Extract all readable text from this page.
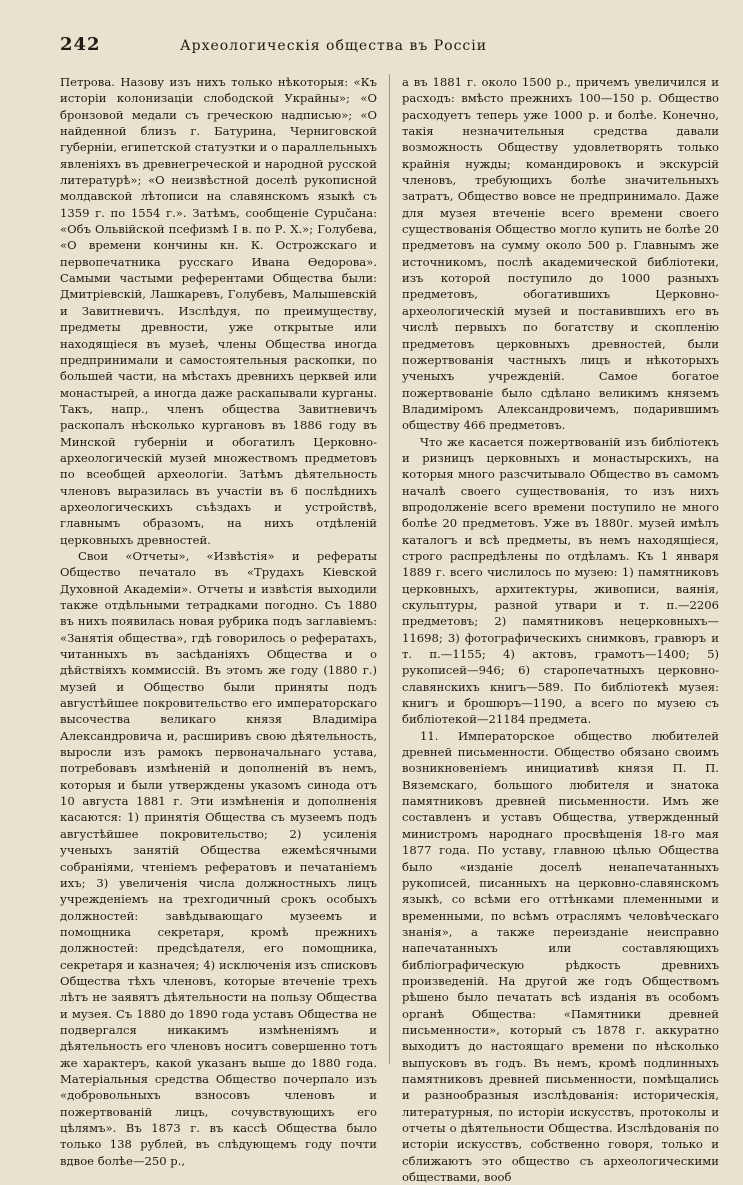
242	Археологическія общества въ Россіи

Петрова. Назову изъ нихъ только нѣкоторыя: «Къ исторіи колонизаціи слободской Украйны»; «О бронзовой медали съ греческою надписью»; «О найденной близъ г. Батурина, Черниговской губерніи, египетской статуэтки и о параллельныхъ явленіяхъ въ древнегреческой и народной русской литературѣ»; «О неизвѣстной доселѣ рукописной молдавской лѣтописи на славянскомъ языкѣ съ 1359 г. по 1554 г.». Затѣмъ, сообщеніе Сурučана: «Объ Ольвійской псефизмѣ I в. по Р. Х.»; Голубева, «О времени кончины кн. К. Острожскаго и первопечатника русскаго Ивана Ѳедорова». Самыми частыми референтами Общества были: Дмитріевскій, Лашкаревъ, Голубевъ, Малышевскій и Завитневичъ. Изслѣдуя, по преимуществу, предметы древности, уже открытые или находящіеся въ музеѣ, члены Общества иногда предпринимали и самостоятельныя раскопки, по большей части, на мѣстахъ древнихъ церквей или монастырей, а иногда даже раскапывали курганы. Такъ, напр., членъ общества Завитневичъ раскопалъ нѣсколько кургановъ въ 1886 году въ Минской губерніи и обогатилъ Церковно-археологическій музей множествомъ предметовъ по всеобщей археологіи. Затѣмъ дѣятельность членовъ выразилась въ участіи въ 6 послѣднихъ археологическихъ съѣздахъ и устройствѣ, главнымъ образомъ, на нихъ отдѣленій церковныхъ древностей.

Свои «Отчеты», «Извѣстія» и рефераты Общество печатало въ «Трудахъ Кіевской Духовной Академіи». Отчеты и извѣстія выходили также отдѣльными тетрадками погодно. Съ 1880 въ нихъ появилась новая рубрика подъ заглавіемъ: «Занятія общества», гдѣ говорилось о рефератахъ, читанныхъ въ засѣданіяхъ Общества и о дѣйствіяхъ коммиссій. Въ этомъ же году (1880 г.) музей и Общество были приняты подъ августѣйшее покровительство его императорскаго высочества великаго князя Владиміра Александровича и, расширивъ свою дѣятельность, выросли изъ рамокъ первоначальнаго устава, потребовавъ измѣненій и дополненій въ немъ, которыя и были утверждены указомъ синода отъ 10 августа 1881 г. Эти измѣненія и дополненія касаются: 1) принятія Общества съ музеемъ подъ августѣйшее покровительство; 2) усиленія ученыхъ занятій Общества ежемѣсячными собраніями, чтеніемъ рефератовъ и печатаніемъ ихъ; 3) увеличенія числа должностныхъ лицъ учрежденіемъ на трехгодичный срокъ особыхъ должностей: завѣдывающаго музеемъ и помощника секретаря, кромѣ прежнихъ должностей: предсѣдателя, его помощника, секретаря и казначея; 4) исключенія изъ списковъ Общества тѣхъ членовъ, которые втеченіе трехъ лѣтъ не заявятъ дѣятельности на пользу Общества и музея. Съ 1880 до 1890 года уставъ Общества не подвергался никакимъ измѣненіямъ и дѣятельность его членовъ носитъ совершенно тотъ же характеръ, какой указанъ выше до 1880 года. Матеріальныя средства Общество почерпало изъ «добровольныхъ взносовъ членовъ и пожертвованій лицъ, сочувствующихъ его цѣлямъ». Въ 1873 г. въ кассѣ Общества было только 138 рублей, въ слѣдующемъ году почти вдвое болѣе—250 р.,

а въ 1881 г. около 1500 р., причемъ увеличился и расходъ: вмѣсто прежнихъ 100—150 р. Общество расходуетъ теперь уже 1000 р. и болѣе. Конечно, такія незначительныя средства давали возможность Обществу удовлетворять только крайнія нужды; командировокъ и экскурсій членовъ, требующихъ болѣе значительныхъ затратъ, Общество вовсе не предпринимало. Даже для музея втеченіе всего времени своего существованія Общество могло купить не болѣе 20 предметовъ на сумму около 500 р. Главнымъ же источникомъ, послѣ академической библіотеки, изъ которой поступило до 1000 разныхъ предметовъ, обогатившихъ Церковно-археологическій музей и поставившихъ его въ числѣ первыхъ по богатству и скопленію предметовъ церковныхъ древностей, были пожертвованія частныхъ лицъ и нѣкоторыхъ ученыхъ учрежденій. Самое богатое пожертвованіе было сдѣлано великимъ княземъ Владиміромъ Александровичемъ, подарившимъ обществу 466 предметовъ.

Что же касается пожертвованій изъ библіотекъ и ризницъ церковныхъ и монастырскихъ, на которыя много разсчитывало Общество въ самомъ началѣ своего существованія, то изъ нихъ впродолженіе всего времени поступило не много болѣе 20 предметовъ. Уже въ 1880г. музей имѣлъ каталогъ и всѣ предметы, въ немъ находящіеся, строго распредѣлены по отдѣламъ. Къ 1 января 1889 г. всего числилось по музею: 1) памятниковъ церковныхъ, архитектуры, живописи, ваянія, скульптуры, разной утвари и т. п.—2206 предметовъ; 2) памятниковъ нецерковныхъ—11698; 3) фотографическихъ снимковъ, гравюръ и т. п.—1155; 4) актовъ, грамотъ—1400; 5) рукописей—946; 6) старопечатныхъ церковно-славянскихъ книгъ—589. По библіотекѣ музея: книгъ и брошюръ—1190, а всего по музею съ библіотекой—21184 предмета.

11. Императорское общество любителей древней письменности. Общество обязано своимъ возникновеніемъ инициативѣ князя П. П. Вяземскаго, большого любителя и знатока памятниковъ древней письменности. Имъ же составленъ и уставъ Общества, утвержденный министромъ народнаго просвѣщенія 18-го мая 1877 года. По уставу, главною цѣлью Общества было «изданіе доселѣ ненапечатанныхъ рукописей, писанныхъ на церковно-славянскомъ языкѣ, со всѣми его оттѣнками племенными и временными, по всѣмъ отраслямъ человѣческаго знанія», а также переизданіе неисправно напечатанныхъ или составляющихъ библіографическую рѣдкость древнихъ произведеній. На другой же годъ Обществомъ рѣшено было печатать всѣ изданія въ особомъ органѣ Общества: «Памятники древней письменности», который съ 1878 г. аккуратно выходитъ до настоящаго времени по нѣсколько выпусковъ въ годъ. Въ немъ, кромѣ подлинныхъ памятниковъ древней письменности, помѣщались и разнообразныя изслѣдованія: историческія, литературныя, по исторіи искусствъ, протоколы и отчеты о дѣятельности Общества. Изслѣдованія по исторіи искусствъ, собственно говоря, только и сближаютъ это общество съ археологическими обществами, вооб
